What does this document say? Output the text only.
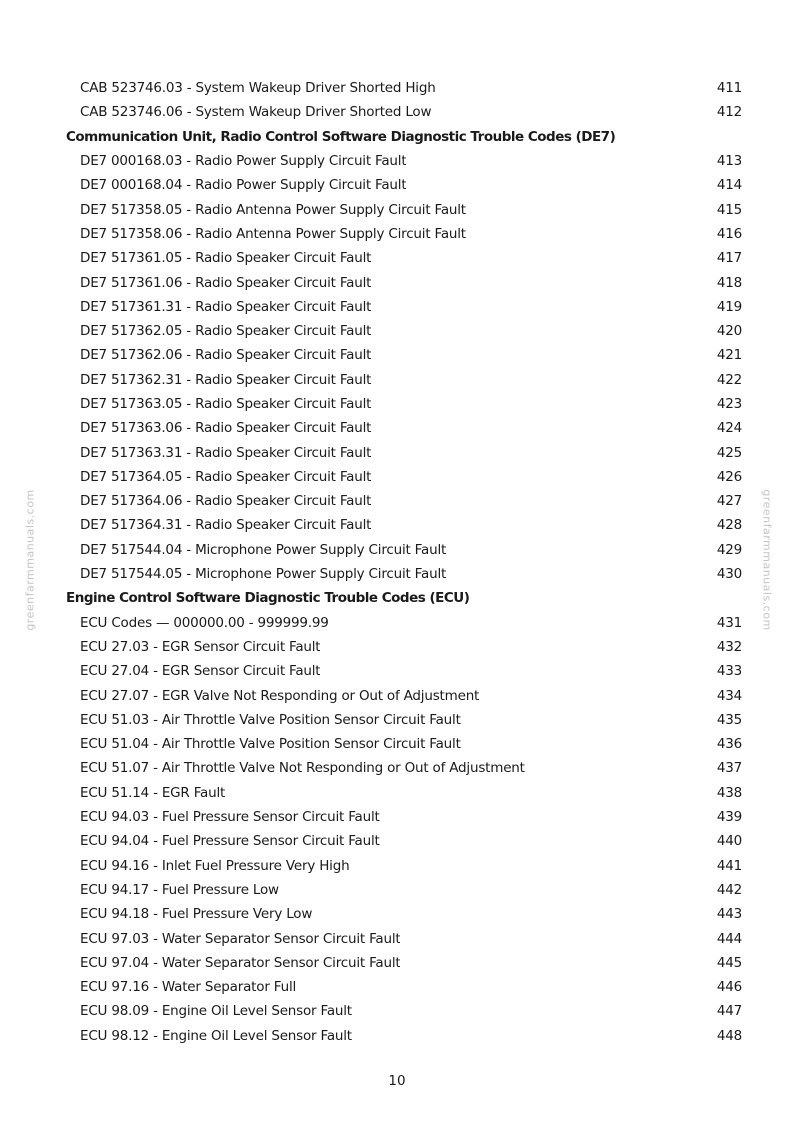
greenfarmmanuals.com	greenfarmmanuals.com
CAB 523746.03 - System Wakeup Driver Shorted High	411
CAB 523746.06 - System Wakeup Driver Shorted Low	412
Communication Unit, Radio Control Software Diagnostic Trouble Codes (DE7)
DE7 000168.03 - Radio Power Supply Circuit Fault	413
DE7 000168.04 - Radio Power Supply Circuit Fault	414
DE7 517358.05 - Radio Antenna Power Supply Circuit Fault	415
DE7 517358.06 - Radio Antenna Power Supply Circuit Fault	416
DE7 517361.05 - Radio Speaker Circuit Fault	417
DE7 517361.06 - Radio Speaker Circuit Fault	418
DE7 517361.31 - Radio Speaker Circuit Fault	419
DE7 517362.05 - Radio Speaker Circuit Fault	420
DE7 517362.06 - Radio Speaker Circuit Fault	421
DE7 517362.31 - Radio Speaker Circuit Fault	422
DE7 517363.05 - Radio Speaker Circuit Fault	423
DE7 517363.06 - Radio Speaker Circuit Fault	424
DE7 517363.31 - Radio Speaker Circuit Fault	425
DE7 517364.05 - Radio Speaker Circuit Fault	426
DE7 517364.06 - Radio Speaker Circuit Fault	427
DE7 517364.31 - Radio Speaker Circuit Fault	428
DE7 517544.04 - Microphone Power Supply Circuit Fault	429
DE7 517544.05 - Microphone Power Supply Circuit Fault	430
Engine Control Software Diagnostic Trouble Codes (ECU)
ECU Codes — 000000.00 - 999999.99	431
ECU 27.03 - EGR Sensor Circuit Fault	432
ECU 27.04 - EGR Sensor Circuit Fault	433
ECU 27.07 - EGR Valve Not Responding or Out of Adjustment	434
ECU 51.03 - Air Throttle Valve Position Sensor Circuit Fault	435
ECU 51.04 - Air Throttle Valve Position Sensor Circuit Fault	436
ECU 51.07 - Air Throttle Valve Not Responding or Out of Adjustment	437
ECU 51.14 - EGR Fault	438
ECU 94.03 - Fuel Pressure Sensor Circuit Fault	439
ECU 94.04 - Fuel Pressure Sensor Circuit Fault	440
ECU 94.16 - Inlet Fuel Pressure Very High	441
ECU 94.17 - Fuel Pressure Low	442
ECU 94.18 - Fuel Pressure Very Low	443
ECU 97.03 - Water Separator Sensor Circuit Fault	444
ECU 97.04 - Water Separator Sensor Circuit Fault	445
ECU 97.16 - Water Separator Full	446
ECU 98.09 - Engine Oil Level Sensor Fault	447
ECU 98.12 - Engine Oil Level Sensor Fault	448
10
